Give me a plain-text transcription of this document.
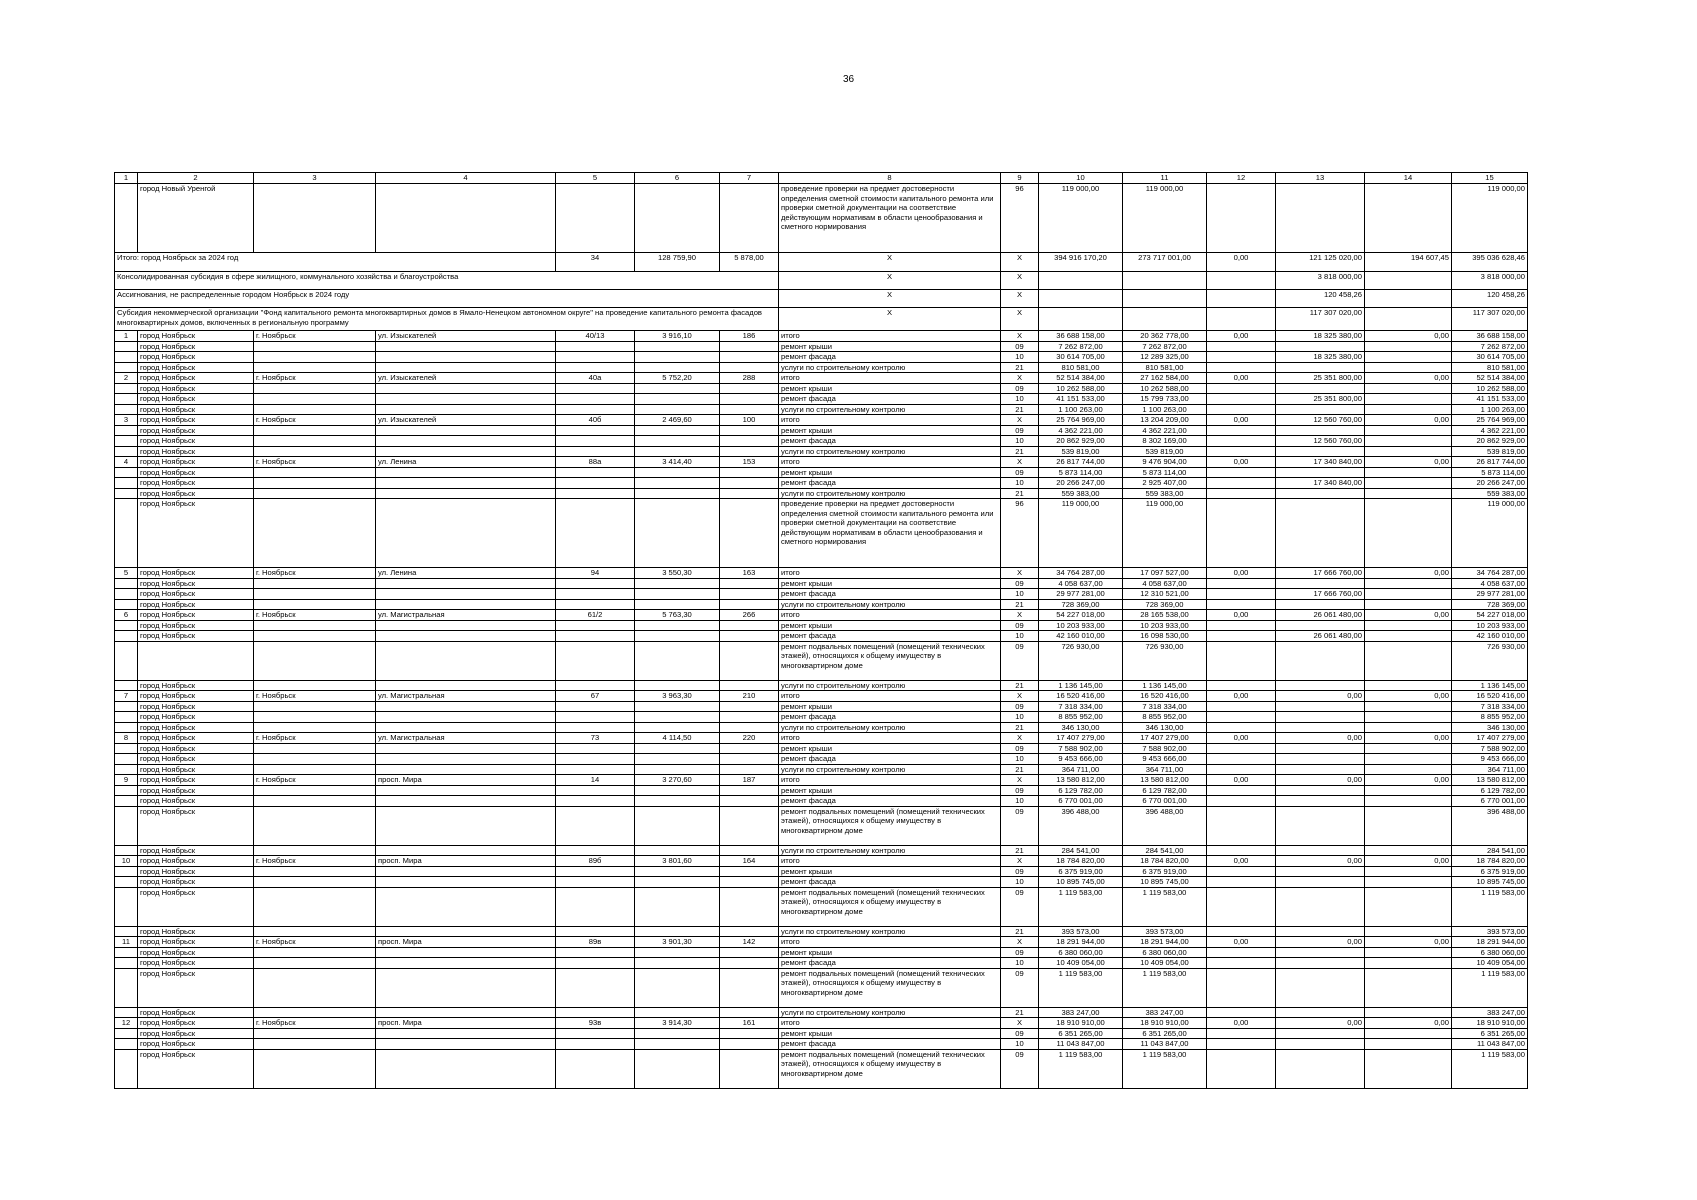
36
1	2	3	4	5	6	7	8	9	10	11	12	13	14	15
	город Новый Уренгой						проведение проверки на предмет достоверности определения сметной стоимости капитального ремонта или проверки сметной документации на соответствие действующим нормативам в области ценообразования и сметного нормирования	96	119 000,00	119 000,00				119 000,00
Итого: город Ноябрьск за 2024 год				34	128 759,90	5 878,00	X	X	394 916 170,20	273 717 001,00	0,00	121 125 020,00	194 607,45	395 036 628,46
Консолидированная субсидия в сфере жилищного, коммунального хозяйства и благоустройства							X	X				3 818 000,00		3 818 000,00
Ассигнования, не распределенные городом Ноябрьск в 2024 году							X	X				120 458,26		120 458,26
Субсидия некоммерческой организации "Фонд капитального ремонта многоквартирных домов в Ямало-Ненецком автономном округе" на проведение капитального ремонта фасадов многоквартирных домов, включенных в региональную программу							X	X				117 307 020,00		117 307 020,00
1	город Ноябрьск	г. Ноябрьск	ул. Изыскателей	40/13	3 916,10	186	итого	X	36 688 158,00	20 362 778,00	0,00	18 325 380,00	0,00	36 688 158,00
	город Ноябрьск						ремонт крыши	09	7 262 872,00	7 262 872,00				7 262 872,00
	город Ноябрьск						ремонт фасада	10	30 614 705,00	12 289 325,00		18 325 380,00		30 614 705,00
	город Ноябрьск						услуги по строительному контролю	21	810 581,00	810 581,00				810 581,00
2	город Ноябрьск	г. Ноябрьск	ул. Изыскателей	40а	5 752,20	288	итого	X	52 514 384,00	27 162 584,00	0,00	25 351 800,00	0,00	52 514 384,00
	город Ноябрьск						ремонт крыши	09	10 262 588,00	10 262 588,00				10 262 588,00
	город Ноябрьск						ремонт фасада	10	41 151 533,00	15 799 733,00		25 351 800,00		41 151 533,00
	город Ноябрьск						услуги по строительному контролю	21	1 100 263,00	1 100 263,00				1 100 263,00
3	город Ноябрьск	г. Ноябрьск	ул. Изыскателей	40б	2 469,60	100	итого	X	25 764 969,00	13 204 209,00	0,00	12 560 760,00	0,00	25 764 969,00
	город Ноябрьск						ремонт крыши	09	4 362 221,00	4 362 221,00				4 362 221,00
	город Ноябрьск						ремонт фасада	10	20 862 929,00	8 302 169,00		12 560 760,00		20 862 929,00
	город Ноябрьск						услуги по строительному контролю	21	539 819,00	539 819,00				539 819,00
4	город Ноябрьск	г. Ноябрьск	ул. Ленина	88а	3 414,40	153	итого	X	26 817 744,00	9 476 904,00	0,00	17 340 840,00	0,00	26 817 744,00
	город Ноябрьск						ремонт крыши	09	5 873 114,00	5 873 114,00				5 873 114,00
	город Ноябрьск						ремонт фасада	10	20 266 247,00	2 925 407,00		17 340 840,00		20 266 247,00
	город Ноябрьск						услуги по строительному контролю	21	559 383,00	559 383,00				559 383,00
	город Ноябрьск						проведение проверки на предмет достоверности определения сметной стоимости капитального ремонта или проверки сметной документации на соответствие действующим нормативам в области ценообразования и сметного нормирования	96	119 000,00	119 000,00				119 000,00
5	город Ноябрьск	г. Ноябрьск	ул. Ленина	94	3 550,30	163	итого	X	34 764 287,00	17 097 527,00	0,00	17 666 760,00	0,00	34 764 287,00
	город Ноябрьск						ремонт крыши	09	4 058 637,00	4 058 637,00				4 058 637,00
	город Ноябрьск						ремонт фасада	10	29 977 281,00	12 310 521,00		17 666 760,00		29 977 281,00
	город Ноябрьск						услуги по строительному контролю	21	728 369,00	728 369,00				728 369,00
6	город Ноябрьск	г. Ноябрьск	ул. Магистральная	61/2	5 763,30	266	итого	X	54 227 018,00	28 165 538,00	0,00	26 061 480,00	0,00	54 227 018,00
	город Ноябрьск						ремонт крыши	09	10 203 933,00	10 203 933,00				10 203 933,00
	город Ноябрьск						ремонт фасада	10	42 160 010,00	16 098 530,00		26 061 480,00		42 160 010,00
							ремонт подвальных помещений (помещений технических этажей), относящихся к общему имуществу в многоквартирном доме	09	726 930,00	726 930,00				726 930,00
	город Ноябрьск						услуги по строительному контролю	21	1 136 145,00	1 136 145,00				1 136 145,00
7	город Ноябрьск	г. Ноябрьск	ул. Магистральная	67	3 963,30	210	итого	X	16 520 416,00	16 520 416,00	0,00	0,00	0,00	16 520 416,00
	город Ноябрьск						ремонт крыши	09	7 318 334,00	7 318 334,00				7 318 334,00
	город Ноябрьск						ремонт фасада	10	8 855 952,00	8 855 952,00				8 855 952,00
	город Ноябрьск						услуги по строительному контролю	21	346 130,00	346 130,00				346 130,00
8	город Ноябрьск	г. Ноябрьск	ул. Магистральная	73	4 114,50	220	итого	X	17 407 279,00	17 407 279,00	0,00	0,00	0,00	17 407 279,00
	город Ноябрьск						ремонт крыши	09	7 588 902,00	7 588 902,00				7 588 902,00
	город Ноябрьск						ремонт фасада	10	9 453 666,00	9 453 666,00				9 453 666,00
	город Ноябрьск						услуги по строительному контролю	21	364 711,00	364 711,00				364 711,00
9	город Ноябрьск	г. Ноябрьск	просп. Мира	14	3 270,60	187	итого	X	13 580 812,00	13 580 812,00	0,00	0,00	0,00	13 580 812,00
	город Ноябрьск						ремонт крыши	09	6 129 782,00	6 129 782,00				6 129 782,00
	город Ноябрьск						ремонт фасада	10	6 770 001,00	6 770 001,00				6 770 001,00
	город Ноябрьск						ремонт подвальных помещений (помещений технических этажей), относящихся к общему имуществу в многоквартирном доме	09	396 488,00	396 488,00				396 488,00
	город Ноябрьск						услуги по строительному контролю	21	284 541,00	284 541,00				284 541,00
10	город Ноябрьск	г. Ноябрьск	просп. Мира	89б	3 801,60	164	итого	X	18 784 820,00	18 784 820,00	0,00	0,00	0,00	18 784 820,00
	город Ноябрьск						ремонт крыши	09	6 375 919,00	6 375 919,00				6 375 919,00
	город Ноябрьск						ремонт фасада	10	10 895 745,00	10 895 745,00				10 895 745,00
	город Ноябрьск						ремонт подвальных помещений (помещений технических этажей), относящихся к общему имуществу в многоквартирном доме	09	1 119 583,00	1 119 583,00				1 119 583,00
	город Ноябрьск						услуги по строительному контролю	21	393 573,00	393 573,00				393 573,00
11	город Ноябрьск	г. Ноябрьск	просп. Мира	89в	3 901,30	142	итого	X	18 291 944,00	18 291 944,00	0,00	0,00	0,00	18 291 944,00
	город Ноябрьск						ремонт крыши	09	6 380 060,00	6 380 060,00				6 380 060,00
	город Ноябрьск						ремонт фасада	10	10 409 054,00	10 409 054,00				10 409 054,00
	город Ноябрьск						ремонт подвальных помещений (помещений технических этажей), относящихся к общему имуществу в многоквартирном доме	09	1 119 583,00	1 119 583,00				1 119 583,00
	город Ноябрьск						услуги по строительному контролю	21	383 247,00	383 247,00				383 247,00
12	город Ноябрьск	г. Ноябрьск	просп. Мира	93в	3 914,30	161	итого	X	18 910 910,00	18 910 910,00	0,00	0,00	0,00	18 910 910,00
	город Ноябрьск						ремонт крыши	09	6 351 265,00	6 351 265,00				6 351 265,00
	город Ноябрьск						ремонт фасада	10	11 043 847,00	11 043 847,00				11 043 847,00
	город Ноябрьск						ремонт подвальных помещений (помещений технических этажей), относящихся к общему имуществу в многоквартирном доме	09	1 119 583,00	1 119 583,00				1 119 583,00
